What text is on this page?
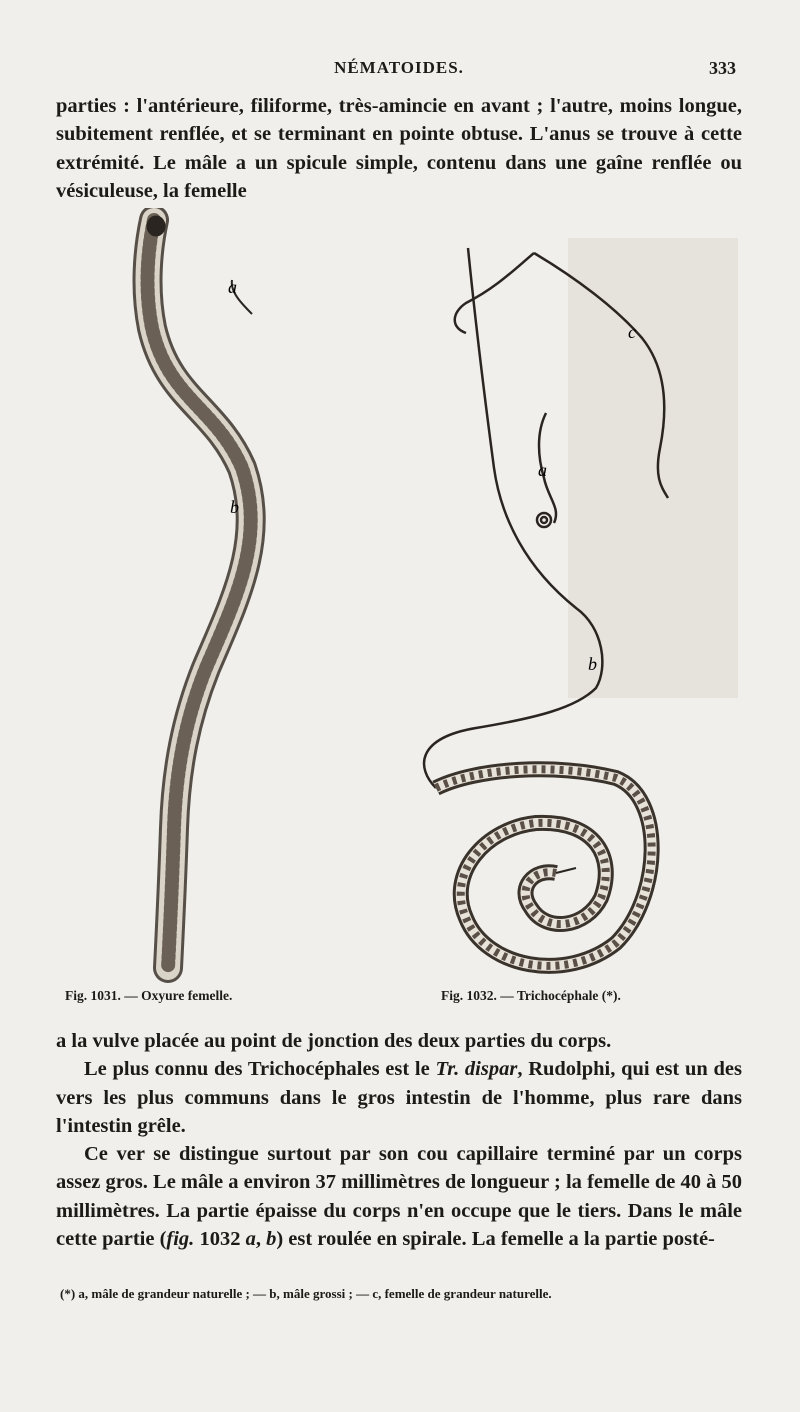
NÉMATOIDES.	333
parties : l'antérieure, filiforme, très-amincie en avant ; l'autre, moins longue, subitement renflée, et se terminant en pointe obtuse. L'anus se trouve à cette extrémité. Le mâle a un spicule simple, contenu dans une gaîne renflée ou vésiculeuse, la femelle
a
b
c
a
b
Fig. 1031. — Oxyure femelle.	Fig. 1032. — Trichocéphale (*).
a la vulve placée au point de jonction des deux parties du corps.
Le plus connu des Trichocéphales est le Tr. dispar, Rudolphi, qui est un des vers les plus communs dans le gros intestin de l'homme, plus rare dans l'intestin grêle.
Ce ver se distingue surtout par son cou capillaire terminé par un corps assez gros. Le mâle a environ 37 millimètres de longueur ; la femelle de 40 à 50 millimètres. La partie épaisse du corps n'en occupe que le tiers. Dans le mâle cette partie (fig. 1032 a, b) est roulée en spirale. La femelle a la partie posté-
(*) a, mâle de grandeur naturelle ; — b, mâle grossi ; — c, femelle de grandeur naturelle.
